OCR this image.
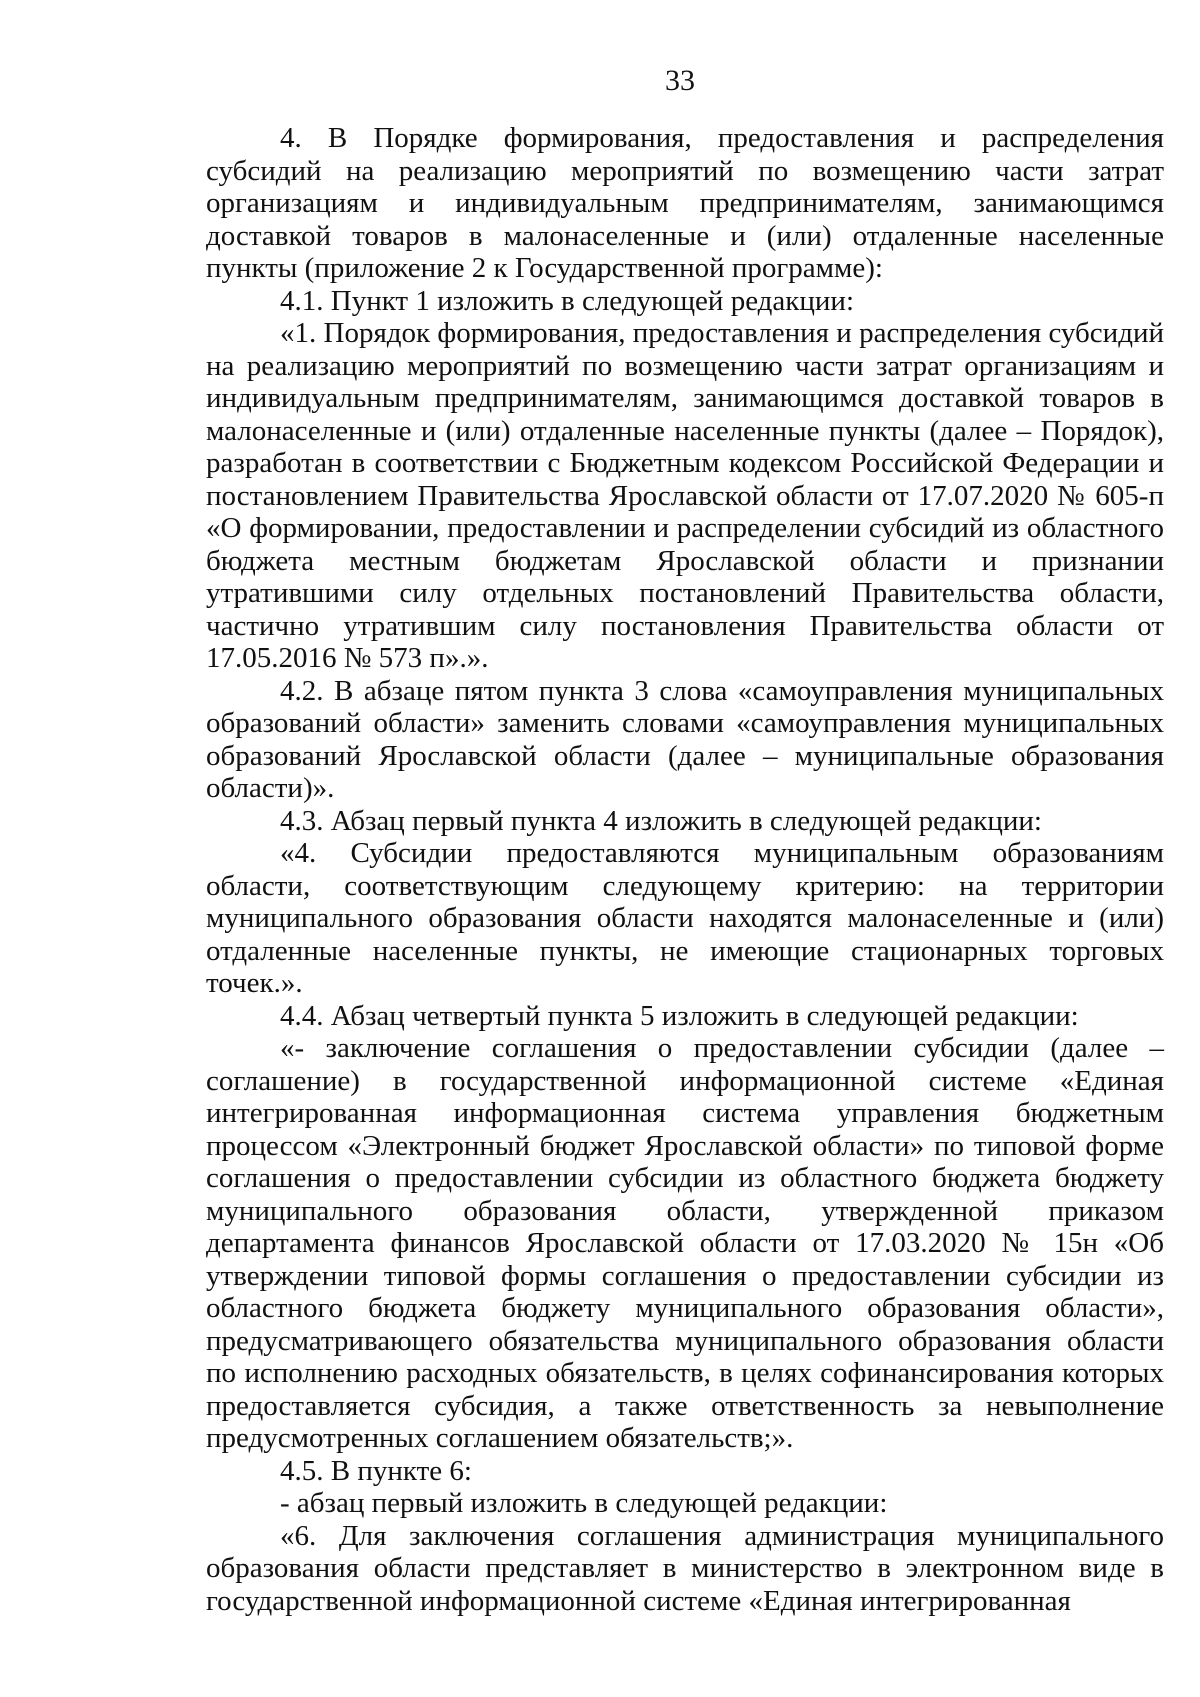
33

4. В Порядке формирования, предоставления и распределения субсидий на реализацию мероприятий по возмещению части затрат организациям и индивидуальным предпринимателям, занимающимся доставкой товаров в малонаселенные и (или) отдаленные населенные пункты (приложение 2 к Государственной программе):

4.1. Пункт 1 изложить в следующей редакции:

«1. Порядок формирования, предоставления и распределения субсидий на реализацию мероприятий по возмещению части затрат организациям и индивидуальным предпринимателям, занимающимся доставкой товаров в малонаселенные и (или) отдаленные населенные пункты (далее – Порядок), разработан в соответствии с Бюджетным кодексом Российской Федерации и постановлением Правительства Ярославской области от 17.07.2020 № 605-п «О формировании, предоставлении и распределении субсидий из областного бюджета местным бюджетам Ярославской области и признании утратившими силу отдельных постановлений Правительства области, частично утратившим силу постановления Правительства области от 17.05.2016 № 573 п».».

4.2. В абзаце пятом пункта 3 слова «самоуправления муниципальных образований области» заменить словами «самоуправления муниципальных образований Ярославской области (далее – муниципальные образования области)».

4.3. Абзац первый пункта 4 изложить в следующей редакции:

«4. Субсидии предоставляются муниципальным образованиям области, соответствующим следующему критерию: на территории муниципального образования области находятся малонаселенные и (или) отдаленные населенные пункты, не имеющие стационарных торговых точек.».

4.4. Абзац четвертый пункта 5 изложить в следующей редакции:

«- заключение соглашения о предоставлении субсидии (далее – соглашение) в государственной информационной системе «Единая интегрированная информационная система управления бюджетным процессом «Электронный бюджет Ярославской области» по типовой форме соглашения о предоставлении субсидии из областного бюджета бюджету муниципального образования области, утвержденной приказом департамента финансов Ярославской области от 17.03.2020 № 15н «Об утверждении типовой формы соглашения о предоставлении субсидии из областного бюджета бюджету муниципального образования области», предусматривающего обязательства муниципального образования области по исполнению расходных обязательств, в целях софинансирования которых предоставляется субсидия, а также ответственность за невыполнение предусмотренных соглашением обязательств;».

4.5. В пункте 6:

- абзац первый изложить в следующей редакции:

«6. Для заключения соглашения администрация муниципального образования области представляет в министерство в электронном виде в государственной информационной системе «Единая интегрированная
